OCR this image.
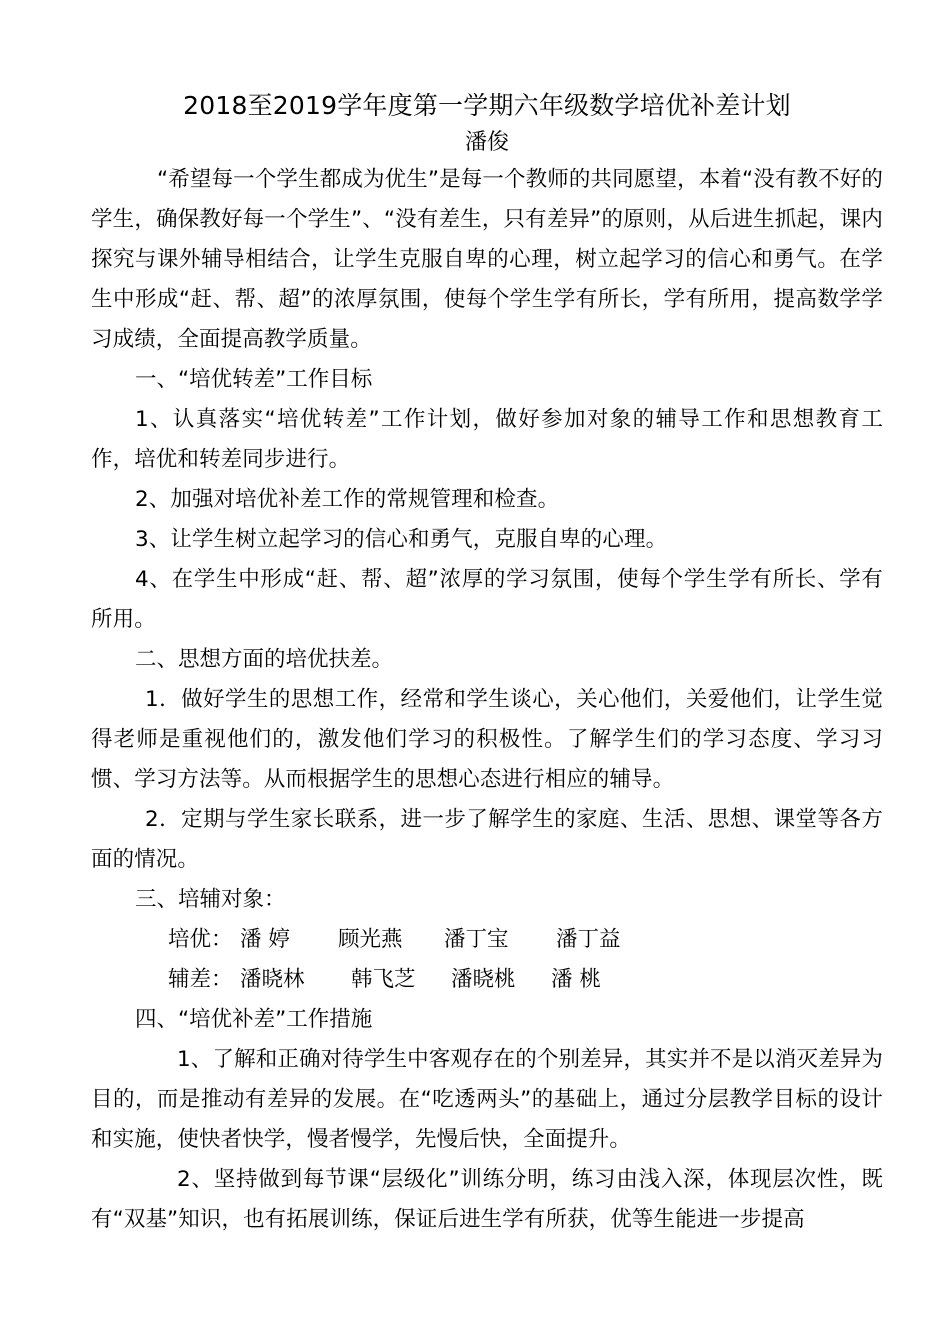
2018至2019学年度第一学期六年级数学培优补差计划

潘俊

“希望每一个学生都成为优生”是每一个教师的共同愿望，本着“没有教不好的学生，确保教好每一个学生”、“没有差生，只有差异”的原则，从后进生抓起，课内探究与课外辅导相结合，让学生克服自卑的心理，树立起学习的信心和勇气。在学生中形成“赶、帮、超”的浓厚氛围，使每个学生学有所长，学有所用，提高数学学习成绩，全面提高教学质量。

一、“培优转差”工作目标

1、认真落实“培优转差”工作计划，做好参加对象的辅导工作和思想教育工作，培优和转差同步进行。

2、加强对培优补差工作的常规管理和检查。

3、让学生树立起学习的信心和勇气，克服自卑的心理。

4、在学生中形成“赶、帮、超”浓厚的学习氛围，使每个学生学有所长、学有所用。

二、思想方面的培优扶差。

1．做好学生的思想工作，经常和学生谈心，关心他们，关爱他们，让学生觉得老师是重视他们的，激发他们学习的积极性。了解学生们的学习态度、学习习惯、学习方法等。从而根据学生的思想心态进行相应的辅导。

2．定期与学生家长联系，进一步了解学生的家庭、生活、思想、课堂等各方面的情况。

三、培辅对象：

培优： 潘 婷	顾光燕	潘丁宝	潘丁益
辅差： 潘晓林	韩飞芝	潘晓桃	潘 桃

四、“培优补差”工作措施

1、了解和正确对待学生中客观存在的个别差异，其实并不是以消灭差异为目的，而是推动有差异的发展。在“吃透两头”的基础上，通过分层教学目标的设计和实施，使快者快学，慢者慢学，先慢后快，全面提升。

2、坚持做到每节课“层级化”训练分明，练习由浅入深，体现层次性，既有“双基”知识，也有拓展训练，保证后进生学有所获，优等生能进一步提高
